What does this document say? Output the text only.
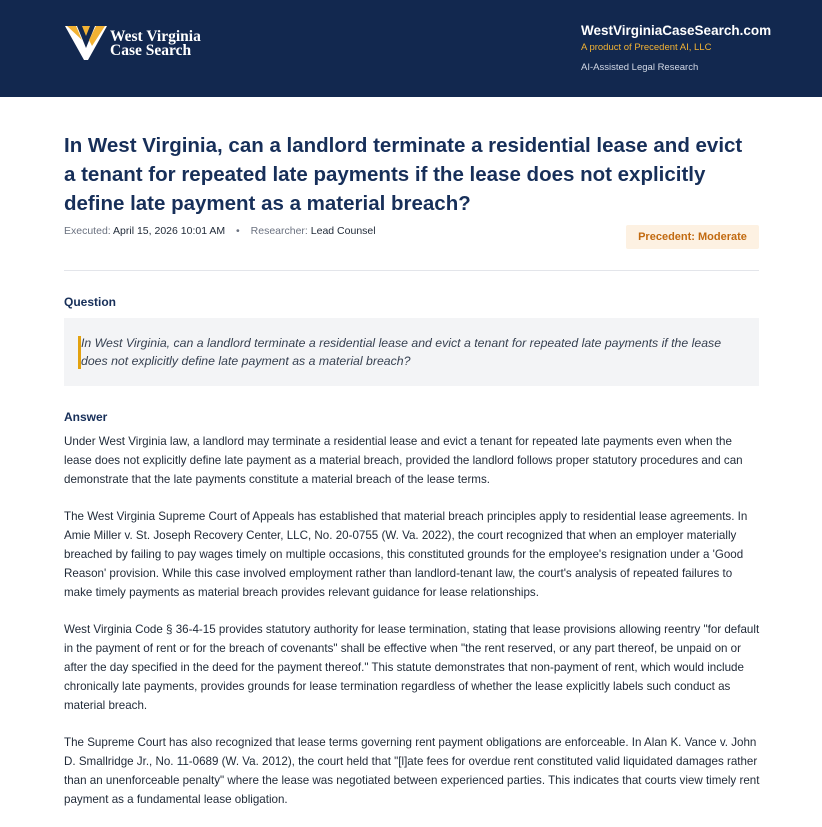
West Virginia
Case Search
WestVirginiaCaseSearch.com
A product of Precedent AI, LLC
AI-Assisted Legal Research
In West Virginia, can a landlord terminate a residential lease and evict a tenant for repeated late payments if the lease does not explicitly define late payment as a material breach?
Executed: April 15, 2026 10:01 AM • Researcher: Lead Counsel	Precedent: Moderate
Question
In West Virginia, can a landlord terminate a residential lease and evict a tenant for repeated late payments if the lease does not explicitly define late payment as a material breach?
Answer

Under West Virginia law, a landlord may terminate a residential lease and evict a tenant for repeated late payments even when the lease does not explicitly define late payment as a material breach, provided the landlord follows proper statutory procedures and can demonstrate that the late payments constitute a material breach of the lease terms.

The West Virginia Supreme Court of Appeals has established that material breach principles apply to residential lease agreements. In Amie Miller v. St. Joseph Recovery Center, LLC, No. 20-0755 (W. Va. 2022), the court recognized that when an employer materially breached by failing to pay wages timely on multiple occasions, this constituted grounds for the employee's resignation under a 'Good Reason' provision. While this case involved employment rather than landlord-tenant law, the court's analysis of repeated failures to make timely payments as material breach provides relevant guidance for lease relationships.

West Virginia Code § 36-4-15 provides statutory authority for lease termination, stating that lease provisions allowing reentry "for default in the payment of rent or for the breach of covenants" shall be effective when "the rent reserved, or any part thereof, be unpaid on or after the day specified in the deed for the payment thereof." This statute demonstrates that non-payment of rent, which would include chronically late payments, provides grounds for lease termination regardless of whether the lease explicitly labels such conduct as material breach.

The Supreme Court has also recognized that lease terms governing rent payment obligations are enforceable. In Alan K. Vance v. John D. Smallridge Jr., No. 11-0689 (W. Va. 2012), the court held that "[l]ate fees for overdue rent constituted valid liquidated damages rather than an unenforceable penalty" where the lease was negotiated between experienced parties. This indicates that courts view timely rent payment as a fundamental lease obligation.
